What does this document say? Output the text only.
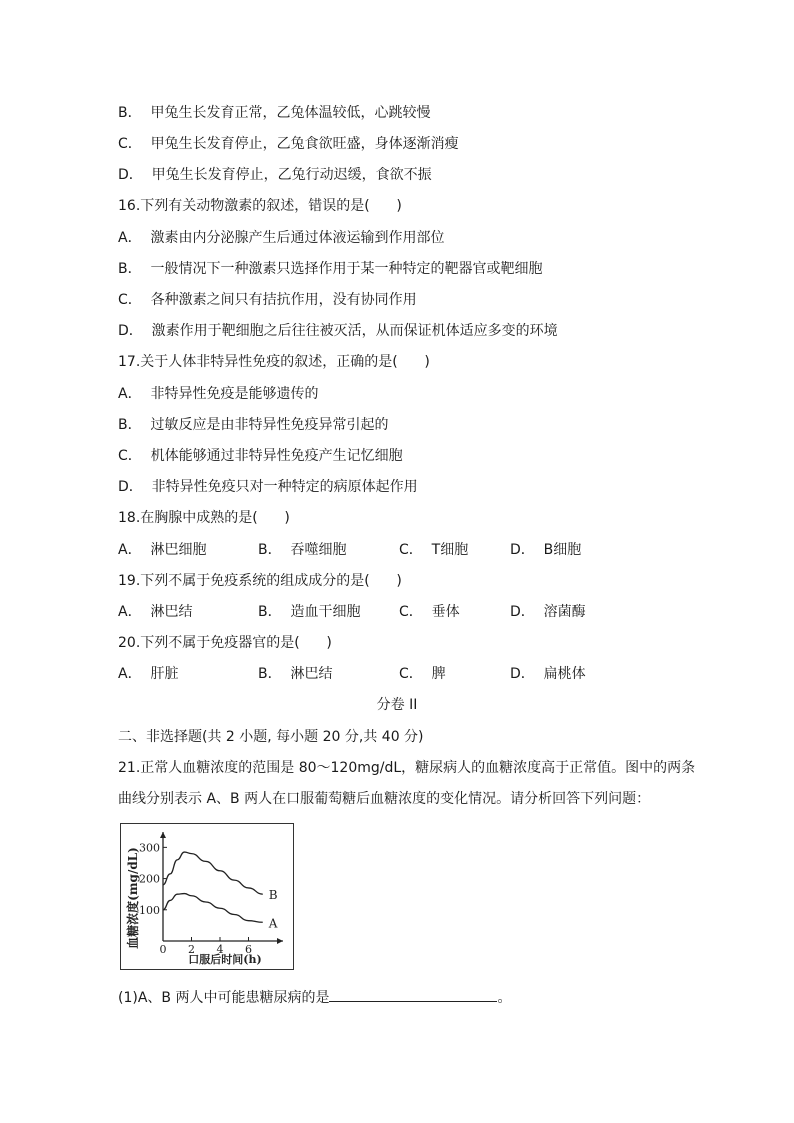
B．  甲兔生长发育正常，乙兔体温较低，心跳较慢
C．  甲兔生长发育停止，乙兔食欲旺盛，身体逐渐消瘦
D．  甲兔生长发育停止，乙兔行动迟缓，食欲不振
16.下列有关动物激素的叙述，错误的是(      )
A．  激素由内分泌腺产生后通过体液运输到作用部位
B．  一般情况下一种激素只选择作用于某一种特定的靶器官或靶细胞
C．  各种激素之间只有拮抗作用，没有协同作用
D．  激素作用于靶细胞之后往往被灭活，从而保证机体适应多变的环境
17.关于人体非特异性免疫的叙述，正确的是(      )
A．  非特异性免疫是能够遗传的
B．  过敏反应是由非特异性免疫异常引起的
C．  机体能够通过非特异性免疫产生记忆细胞
D．  非特异性免疫只对一种特定的病原体起作用
18.在胸腺中成熟的是(      )
A．  淋巴细胞	B．  吞噬细胞	C．  T细胞	D．  B细胞
19.下列不属于免疫系统的组成成分的是(      )
A．  淋巴结	B．  造血干细胞	C．  垂体	D．  溶菌酶
20.下列不属于免疫器官的是(      )
A．  肝脏	B．  淋巴结	C．  脾	D．  扁桃体
分卷 II
二、非选择题(共 2 小题, 每小题 20 分,共 40 分)
21.正常人血糖浓度的范围是 80～120mg/dL，糖尿病人的血糖浓度高于正常值。图中的两条
曲线分别表示 A、B 两人在口服葡萄糖后血糖浓度的变化情况。请分析回答下列问题：
0 2 4 6
100
200
300
A
B
血糖浓度(mg/dL)
口服后时间(h)
(1)A、B 两人中可能患糖尿病的是	。
